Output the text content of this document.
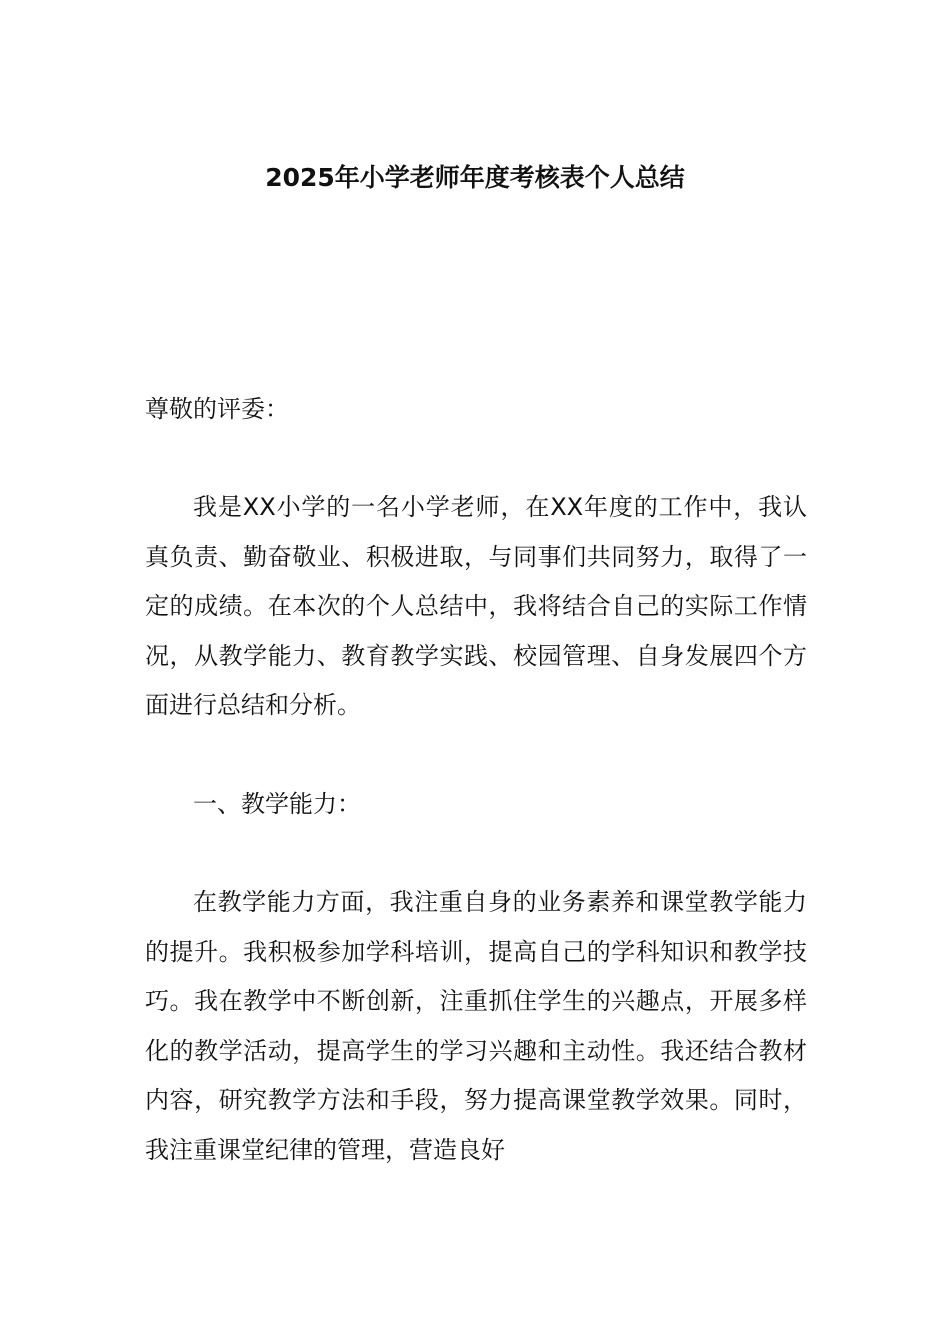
2025年小学老师年度考核表个人总结

尊敬的评委：

我是XX小学的一名小学老师，在XX年度的工作中，我认真负责、勤奋敬业、积极进取，与同事们共同努力，取得了一定的成绩。在本次的个人总结中，我将结合自己的实际工作情况，从教学能力、教育教学实践、校园管理、自身发展四个方面进行总结和分析。

一、教学能力：

在教学能力方面，我注重自身的业务素养和课堂教学能力的提升。我积极参加学科培训，提高自己的学科知识和教学技巧。我在教学中不断创新，注重抓住学生的兴趣点，开展多样化的教学活动，提高学生的学习兴趣和主动性。我还结合教材内容，研究教学方法和手段，努力提高课堂教学效果。同时，我注重课堂纪律的管理，营造良好
